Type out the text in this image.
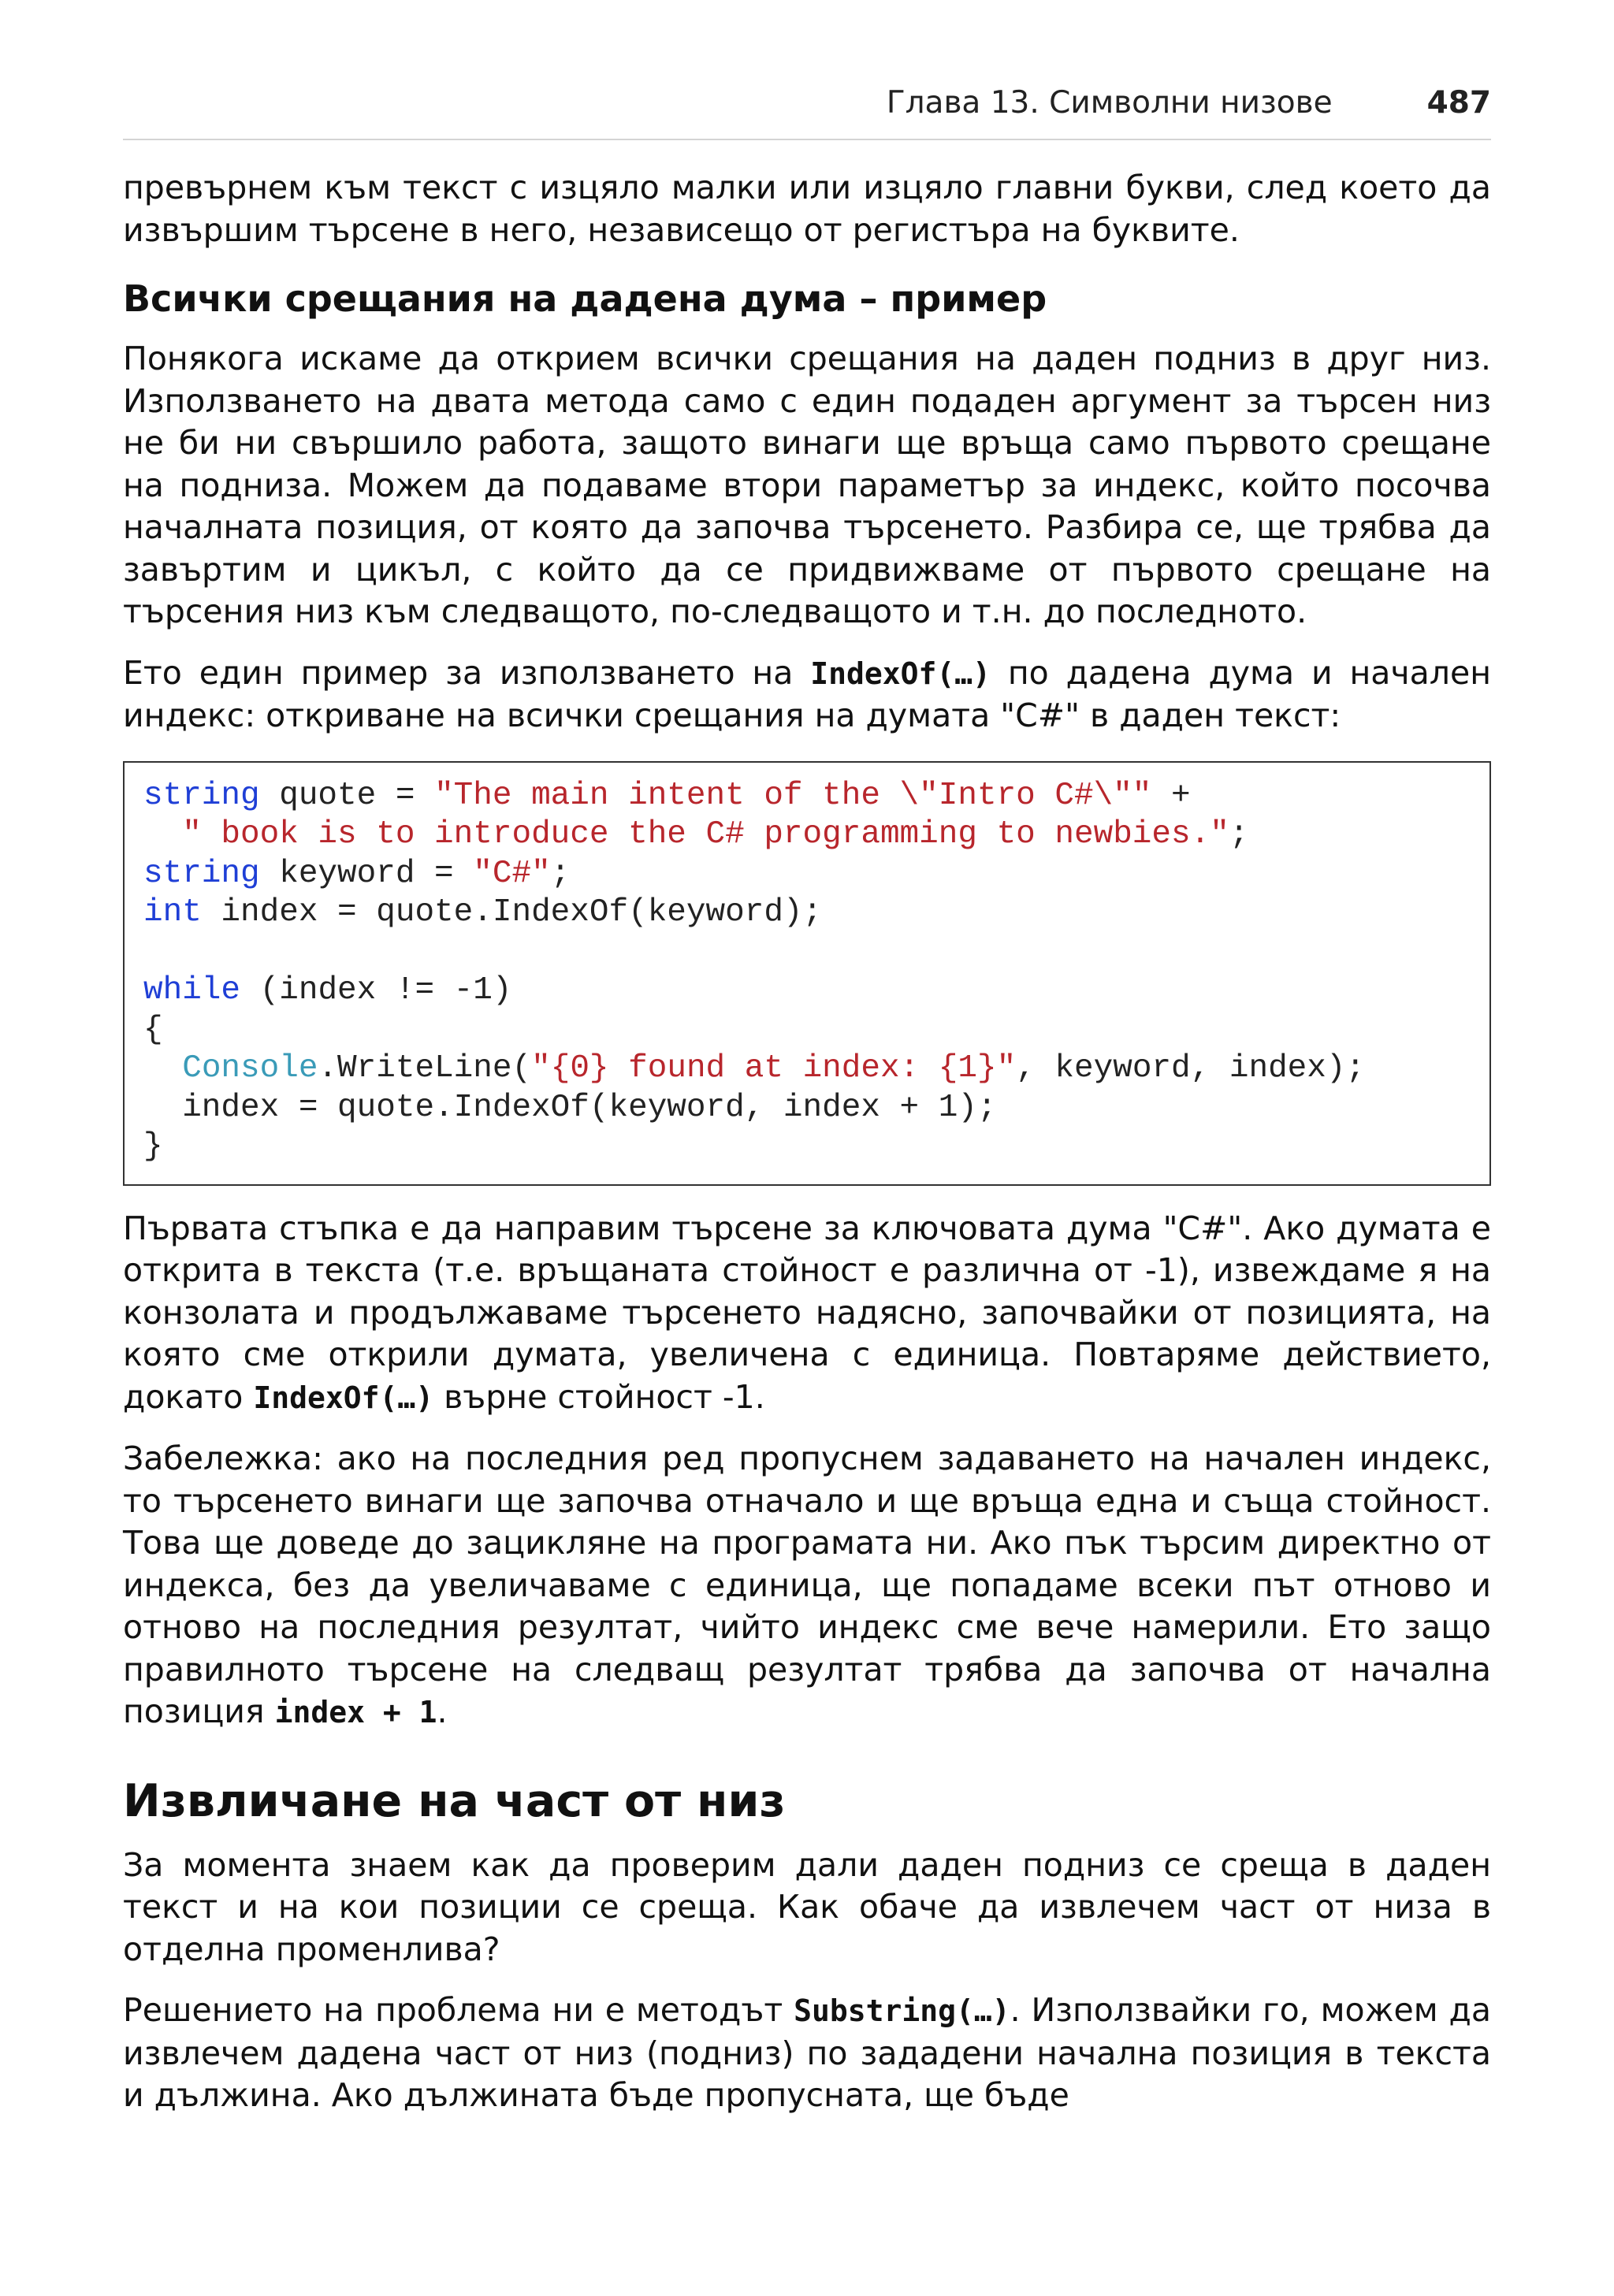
Глава 13. Символни низове	487

превърнем към текст с изцяло малки или изцяло главни букви, след което да извършим търсене в него, независещо от регистъра на буквите.

Всички срещания на дадена дума – пример

Понякога искаме да открием всички срещания на даден подниз в друг низ. Използването на двата метода само с един подаден аргумент за търсен низ не би ни свършило работа, защото винаги ще връща само първото срещане на подниза. Можем да подаваме втори параметър за индекс, който посочва началната позиция, от която да започва търсенето. Разбира се, ще трябва да завъртим и цикъл, с който да се придвижваме от първото срещане на търсения низ към следващото, по-следващото и т.н. до последното.

Ето един пример за използването на IndexOf(…) по дадена дума и начален индекс: откриване на всички срещания на думата "C#" в даден текст:

string quote = "The main intent of the \"Intro C#\"" +
" book is to introduce the C# programming to newbies.";
string keyword = "C#";
int index = quote.IndexOf(keyword);
while (index != -1)
{
Console.WriteLine("{0} found at index: {1}", keyword, index);
index = quote.IndexOf(keyword, index + 1);
}

Първата стъпка е да направим търсене за ключовата дума "C#". Ако думата е открита в текста (т.е. връщаната стойност е различна от -1), извеждаме я на конзолата и продължаваме търсенето надясно, започвайки от позицията, на която сме открили думата, увеличена с единица. Повтаряме действието, докато IndexOf(…) върне стойност -1.

Забележка: ако на последния ред пропуснем задаването на начален индекс, то търсенето винаги ще започва отначало и ще връща една и съща стойност. Това ще доведе до зацикляне на програмата ни. Ако пък търсим директно от индекса, без да увеличаваме с единица, ще попадаме всеки път отново и отново на последния резултат, чийто индекс сме вече намерили. Ето защо правилното търсене на следващ резултат трябва да започва от начална позиция index + 1.

Извличане на част от низ

За момента знаем как да проверим дали даден подниз се среща в даден текст и на кои позиции се среща. Как обаче да извлечем част от низа в отделна променлива?

Решението на проблема ни е методът Substring(…). Използвайки го, можем да извлечем дадена част от низ (подниз) по зададени начална позиция в текста и дължина. Ако дължината бъде пропусната, ще бъде
